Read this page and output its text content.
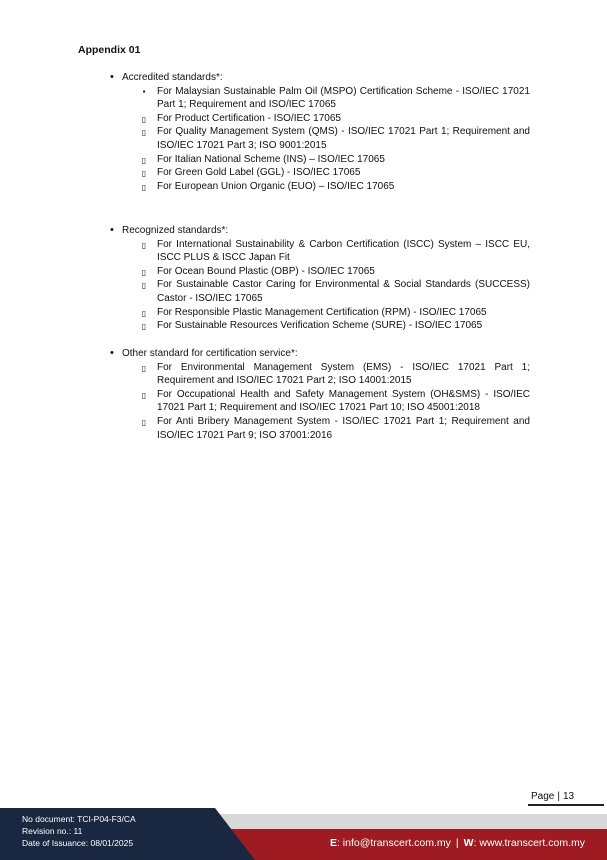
Appendix 01
• Accredited standards*:
▪	For Malaysian Sustainable Palm Oil (MSPO) Certification Scheme - ISO/IEC 17021 Part 1; Requirement and ISO/IEC 17065
▯ For Product Certification - ISO/IEC 17065
▯ For Quality Management System (QMS) - ISO/IEC 17021 Part 1; Requirement and ISO/IEC 17021 Part 3; ISO 9001:2015
▯ For Italian National Scheme (INS) – ISO/IEC 17065
▯ For Green Gold Label (GGL) - ISO/IEC 17065
▯ For European Union Organic (EUO) – ISO/IEC 17065
• Recognized standards*:
▯ For International Sustainability & Carbon Certification (ISCC) System – ISCC EU, ISCC PLUS & ISCC Japan Fit
▯ For Ocean Bound Plastic (OBP) - ISO/IEC 17065
▯ For Sustainable Castor Caring for Environmental & Social Standards (SUCCESS) Castor - ISO/IEC 17065
▯ For Responsible Plastic Management Certification (RPM) - ISO/IEC 17065
▯ For Sustainable Resources Verification Scheme (SURE) - ISO/IEC 17065
• Other standard for certification service*:
▯ For Environmental Management System (EMS) - ISO/IEC 17021 Part 1; Requirement and ISO/IEC 17021 Part 2; ISO 14001:2015
▯ For Occupational Health and Safety Management System (OH&SMS) - ISO/IEC 17021 Part 1; Requirement and ISO/IEC 17021 Part 10; ISO 45001:2018
▯ For Anti Bribery Management System - ISO/IEC 17021 Part 1; Requirement and ISO/IEC 17021 Part 9; ISO 37001:2016
Page | 13
No document: TCI-P04-F3/CA
Revision no.: 11
Date of Issuance: 08/01/2025	E: info@transcert.com.my | W: www.transcert.com.my
